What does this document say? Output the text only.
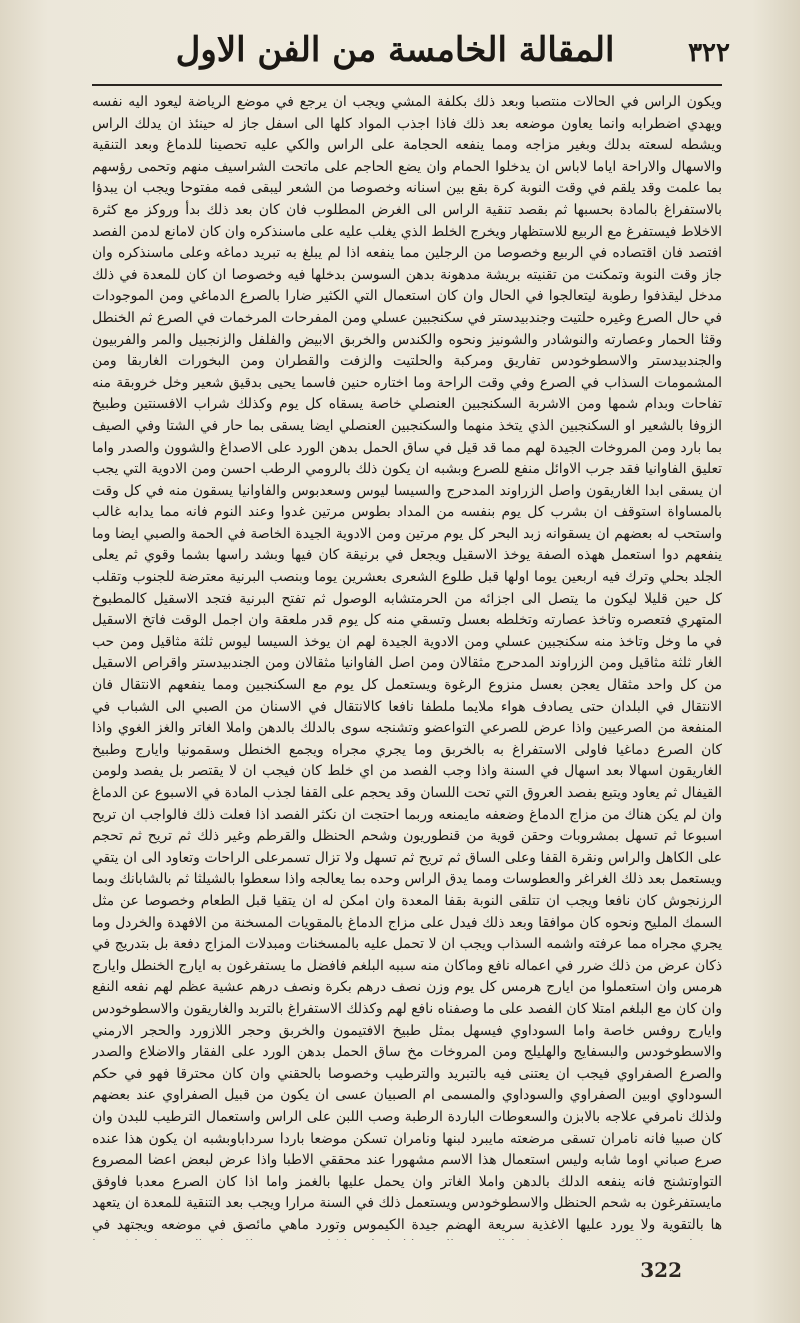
٣٢٢
المقالة الخامسة من الفن الاول

ويكون الراس في الحالات منتصبا وبعد ذلك بكلفة المشي ويجب ان يرجع في موضع الرياضة ليعود اليه نفسه ويهدي اضطرابه وانما يعاون موضعه بعد ذلك فاذا اجذب المواد كلها الى اسفل جاز له حينئذ ان يدلك الراس ويشطه لسعته بدلك وبغير مزاجه ومما ينفعه الحجامة على الراس والكي عليه تحصينا للدماغ وبعد التنقية والاسهال والاراحة اياما لاباس ان يدخلوا الحمام وان يضع الحاجم على ماتحت الشراسيف منهم وتحمى رؤسهم بما علمت وقد يلقم في وقت النوبة كرة بقع بين اسنانه وخصوصا من الشعر ليبقى فمه مفتوحا ويجب ان يبدؤا بالاستفراغ بالمادة بحسبها ثم بقصد تنقية الراس الى الغرض المطلوب فان كان بعد ذلك بدأ وروكز مع كثرة الاخلاط فيستفرغ مع الربيع للاستظهار ويخرج الخلط الذي يغلب عليه على ماسنذكره وان كان لامانع لدمن الفصد افتصد فان اقتصاده في الربيع وخصوصا من الرجلين مما ينفعه اذا لم يبلغ به تبريد دماغه وعلى ماسنذكره وان جاز وقت النوبة وتمكنت من تقنيته بريشة مدهونة بدهن السوسن بدخلها فيه وخصوصا ان كان للمعدة في ذلك مدخل ليقذفوا رطوبة ليتعالجوا في الحال وان كان استعمال التي الكثير ضارا بالصرع الدماغي ومن الموجودات في حال الصرع وغيره حلتيت وجندبيدستر في سكنجبين عسلي ومن المفرحات المرخمات في الصرع ثم الخنطل وقثا الحمار وعصارته والنوشادر والشونيز ونحوه والكندس والخربق الابيض والفلفل والزنجبيل والمر والفربيون والجندبيدستر والاسطوخودس تفاريق ومركبة والحلتيت والزفت والقطران ومن البخورات الغاربقا ومن المشمومات السذاب في الصرع وفي وقت الراحة وما اختاره حنين فاسما يحيى بدقيق شعير وخل خروبقة منه تفاحات وبدام شمها ومن الاشربة السكنجبين العنصلي خاصة يسقاه كل يوم وكذلك شراب الافسنتين وطبيخ الزوفا بالشعير او السكنجبين الذي يتخذ منهما والسكنجبين العنصلي ايضا يسقى بما حار في الشتا وفي الصيف بما بارد ومن المروخات الجيدة لهم مما قد قيل في ساق الحمل بدهن الورد على الاصداغ والشوون والصدر واما تعليق الفاوانيا فقد جرب الاوائل منفع للصرع وبشبه ان يكون ذلك بالرومي الرطب احسن ومن الادوية التي يجب ان يسقى ابدا الغاريقون واصل الزراوند المدحرج والسيسا ليوس وسعدبوس والفاوانيا يسقون منه في كل وقت بالمساواة استوقف ان بشرب كل يوم بنفسه من المداد بطوس مرتين غدوا وعند النوم فانه مما يدابه غالب واستحب له بعضهم ان يسقوانه زبد البحر كل يوم مرتين ومن الادوية الجيدة الخاصة في الحمة والصبي ايضا وما ينفعهم دوا استعمل ههذه الصفة يوخذ الاسقيل ويجعل في برنيقة كان فيها وبشد راسها بشما وقوي ثم يعلى الجلد بحلي وترك فيه اربعين يوما اولها قبل طلوع الشعرى بعشرين يوما وبنصب البرنية معترضة للجنوب وتقلب كل حين قليلا ليكون ما يتصل الى اجزائه من الحرمتشابه الوصول ثم تفتح البرنية فتجد الاسقيل كالمطبوخ المتهري فتعصره وتاخذ عصارته وتخلطه بعسل وتسقي منه كل يوم قدر ملعقة وان اجمل الوقت فاتخ الاسقيل في ما وخل وتاخذ منه سكنجبين عسلي ومن الادوية الجيدة لهم ان يوخذ السيسا ليوس ثلثة مثاقيل ومن حب الغار ثلثة مثاقيل ومن الزراوند المدحرج مثقالان ومن اصل الفاوانيا مثقالان ومن الجندبيدستر واقراص الاسقيل من كل واحد مثقال يعجن بعسل منزوع الرغوة ويستعمل كل يوم مع السكنجبين ومما ينفعهم الانتقال فان الانتقال في البلدان حتى يصادف هواء ملايما ملطفا نافعا كالانتقال في الاسنان من الصبي الى الشباب في المنفعة من الصرعيين واذا عرض للصرعي التواعضو وتشنجه سوى بالدلك بالدهن واملا الغاتر والغز الغوي واذا كان الصرع دماغيا فاولى الاستفراغ به بالخربق وما يجري مجراه ويجمع الخنطل وسقمونيا وايارج وطبيخ الغاريقون اسهالا بعد اسهال في السنة واذا وجب الفصد من اي خلط كان فيجب ان لا يقتصر بل يفصد ولومن القيفال ثم يعاود ويتبع بفصد العروق التي تحت اللسان وقد يحجم على القفا لجذب المادة في الاسبوع عن الدماغ وان لم يكن هناك من مزاج الدماغ وضعفه مايمنعه وربما احتجت ان نكثر الفصد اذا فعلت ذلك فالواجب ان تريح اسبوعا ثم تسهل بمشروبات وحقن قوية من قنطوريون وشحم الحنظل والقرطم وغير ذلك ثم تريح ثم تحجم على الكاهل والراس ونقرة القفا وعلى الساق ثم تريح ثم تسهل ولا تزال تسمرعلى الراحات وتعاود الى ان يتقي ويستعمل بعد ذلك الغراغر والعطوسات ومما يدق الراس وحده بما يعالجه واذا سعطوا بالشيلثا ثم بالشابانك وبما الرزنجوش كان نافعا ويجب ان تتلقى النوبة بقفا المعدة وان امكن له ان يتقيا قبل الطعام وخصوصا عن مثل السمك المليح ونحوه كان موافقا وبعد ذلك فيدل على مزاج الدماغ بالمقويات المسخنة من الافهدة والخردل وما يجري مجراه مما عرفته واشمه السذاب ويجب ان لا تحمل عليه بالمسخنات ومبدلات المزاج دفعة بل بتدريج في ذكان عرض من ذلك ضرر في اعماله نافع وماكان منه سببه البلغم فافضل ما يستفرغون به ايارج الخنطل وايارج هرمس وان استعملوا من ايارج هرمس كل يوم وزن نصف درهم بكرة ونصف درهم عشية عظم لهم نفعه النفع وان كان مع البلغم امتلا كان الفصد على ما وصفناه نافع لهم وكذلك الاستفراغ بالتربد والغاريقون والاسطوخودس وايارج روفس خاصة واما السوداوي فيسهل بمثل طبيخ الافتيمون والخربق وحجر اللازورد والحجر الارمني والاسطوخودس والبسفايج والهليلج ومن المروخات مخ ساق الحمل بدهن الورد على الفقار والاضلاع والصدر والصرع الصفراوي فيجب ان يعتنى فيه بالتبريد والترطيب وخصوصا بالحقني وان كان محترقا فهو في حكم السوداوي اوبين الصفراوي والسوداوي والمسمى ام الصبيان عسى ان يكون من قبيل الصفراوي عند بعضهم ولذلك نامرفي علاجه بالابزن والسعوطات الباردة الرطبة وصب اللبن على الراس واستعمال الترطيب للبدن وان كان صبيا فانه نامران تسقى مرضعته مايبرد لبنها ونامران تسكن موضعا باردا سرداباوبشبه ان يكون هذا عنده صرع صباني اوما شابه وليس استعمال هذا الاسم مشهورا عند محققي الاطبا واذا عرض لبعض اعضا المصروع التواوتشنج فانه ينفعه الدلك بالدهن واملا الغاتر وان يحمل عليها بالغمز واما اذا كان الصرع معدبا فاوفق مايستفرغون به شحم الحنظل والاسطوخودس ويستعمل ذلك في السنة مرارا ويجب بعد التنقية للمعدة ان يتعهد ها بالتقوية ولا يورد عليها الاغذية سريعة الهضم جيدة الكيموس وتورد ماهي مائصق في موضعه ويجتهد في

322
